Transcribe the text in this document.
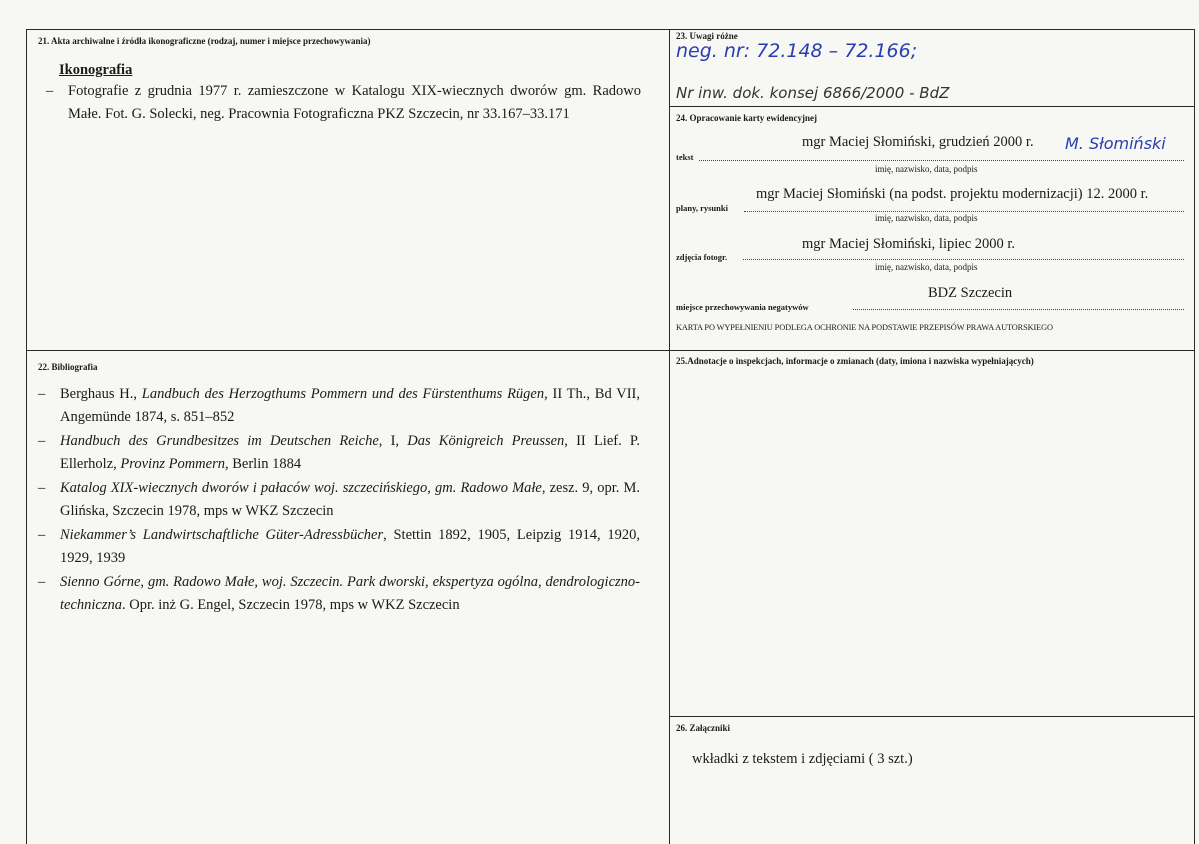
21. Akta archiwalne i źródła ikonograficzne (rodzaj, numer i miejsce przechowywania)
Ikonografia
– Fotografie z grudnia 1977 r. zamieszczone w Katalogu XIX-wiecznych dworów gm. Radowo Małe. Fot. G. Solecki, neg. Pracownia Fotograficzna PKZ Szczecin, nr 33.167–33.171
22. Bibliografia
– Berghaus H., Landbuch des Herzogthums Pommern und des Fürstenthums Rügen, II Th., Bd VII, Angemünde 1874, s. 851–852
– Handbuch des Grundbesitzes im Deutschen Reiche, I, Das Königreich Preussen, II Lief. P. Ellerholz, Provinz Pommern, Berlin 1884
– Katalog XIX-wiecznych dworów i pałaców woj. szczecińskiego, gm. Radowo Małe, zesz. 9, opr. M. Glińska, Szczecin 1978, mps w WKZ Szczecin
– Niekammer’s Landwirtschaftliche Güter-Adressbücher, Stettin 1892, 1905, Leipzig 1914, 1920, 1929, 1939
– Sienno Górne, gm. Radowo Małe, woj. Szczecin. Park dworski, ekspertyza ogólna, dendrologiczno-techniczna. Opr. inż G. Engel, Szczecin 1978, mps w WKZ Szczecin
23. Uwagi różne
neg. nr: 72.148 – 72.166;
Nr inw. dok. konsej 6866/2000 - BdZ
24. Opracowanie karty ewidencyjnej
tekst
mgr Maciej Słomiński, grudzień 2000 r. M. Słomiński
imię, nazwisko, data, podpis
plany, rysunki
mgr Maciej Słomiński (na podst. projektu modernizacji) 12. 2000 r.
imię, nazwisko, data, podpis
zdjęcia fotogr.
mgr Maciej Słomiński, lipiec 2000 r.
imię, nazwisko, data, podpis
miejsce przechowywania negatywów
BDZ Szczecin
KARTA PO WYPEŁNIENIU PODLEGA OCHRONIE NA PODSTAWIE PRZEPISÓW PRAWA AUTORSKIEGO
25.Adnotacje o inspekcjach, informacje o zmianach (daty, imiona i nazwiska wypełniających)
26. Załączniki
wkładki z tekstem i zdjęciami ( 3 szt.)
